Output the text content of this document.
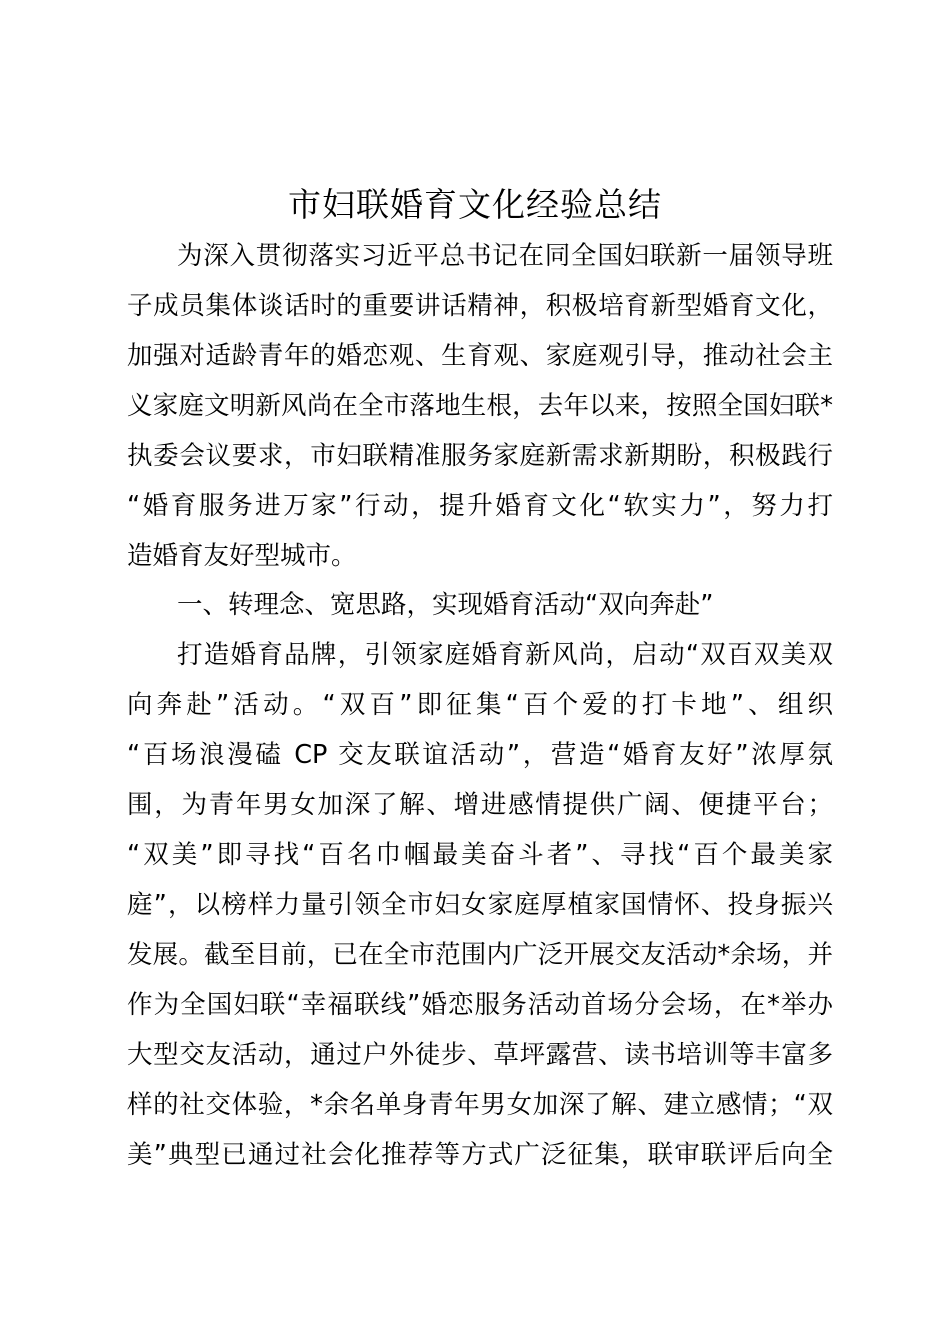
市妇联婚育文化经验总结
为深入贯彻落实习近平总书记在同全国妇联新一届领导班
子成员集体谈话时的重要讲话精神，积极培育新型婚育文化，
加强对适龄青年的婚恋观、生育观、家庭观引导，推动社会主
义家庭文明新风尚在全市落地生根，去年以来，按照全国妇联*
执委会议要求，市妇联精准服务家庭新需求新期盼，积极践行
“婚育服务进万家”行动，提升婚育文化“软实力”，努力打
造婚育友好型城市。
一、转理念、宽思路，实现婚育活动“双向奔赴”
打造婚育品牌，引领家庭婚育新风尚，启动“双百双美双
向奔赴”活动。“双百”即征集“百个爱的打卡地”、组织
“百场浪漫磕 CP 交友联谊活动”，营造“婚育友好”浓厚氛
围，为青年男女加深了解、增进感情提供广阔、便捷平台；
“双美”即寻找“百名巾帼最美奋斗者”、寻找“百个最美家
庭”，以榜样力量引领全市妇女家庭厚植家国情怀、投身振兴
发展。截至目前，已在全市范围内广泛开展交友活动*余场，并
作为全国妇联“幸福联线”婚恋服务活动首场分会场，在*举办
大型交友活动，通过户外徒步、草坪露营、读书培训等丰富多
样的社交体验，*余名单身青年男女加深了解、建立感情；“双
美”典型已通过社会化推荐等方式广泛征集，联审联评后向全
